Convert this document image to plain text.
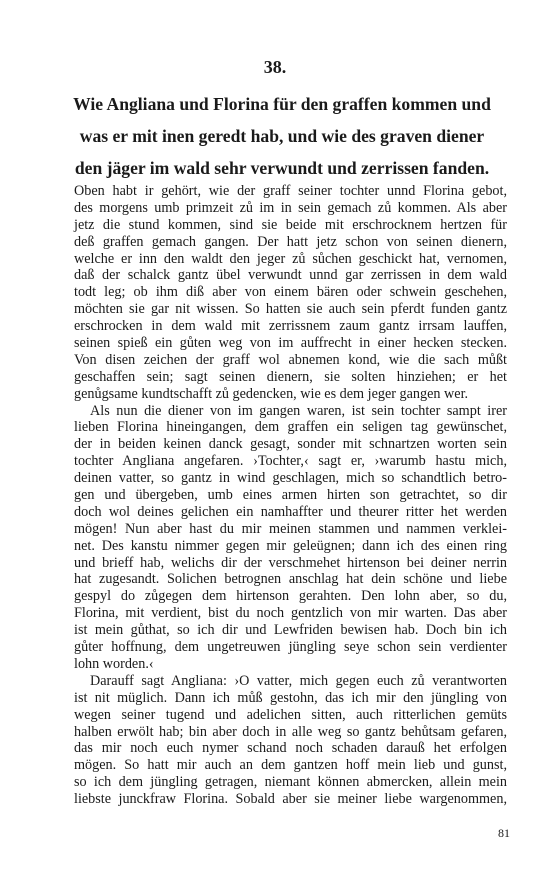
38.
Wie Angliana und Florina für den graffen kommen und
was er mit inen geredt hab, und wie des graven diener
den jäger im wald sehr verwundt und zerrissen fanden.
Oben habt ir gehört, wie der graff seiner tochter unnd Florina gebot,
des morgens umb primzeit zů im in sein gemach zů kommen. Als aber
jetz die stund kommen, sind sie beide mit erschrocknem hertzen für
deß graffen gemach gangen. Der hatt jetz schon von seinen dienern,
welche er inn den waldt den jeger zů sůchen geschickt hat, vernomen,
daß der schalck gantz übel verwundt unnd gar zerrissen in dem wald
todt leg; ob ihm diß aber von einem bären oder schwein geschehen,
möchten sie gar nit wissen. So hatten sie auch sein pferdt funden gantz
erschrocken in dem wald mit zerrissnem zaum gantz irrsam lauffen,
seinen spieß ein gůten weg von im auffrecht in einer hecken stecken.
Von disen zeichen der graff wol abnemen kond, wie die sach můßt
geschaffen sein; sagt seinen dienern, sie solten hinziehen; er het
genůgsame kundtschafft zů gedencken, wie es dem jeger gangen wer.
Als nun die diener von im gangen waren, ist sein tochter sampt irer
lieben Florina hineingangen, dem graffen ein seligen tag gewünschet,
der in beiden keinen danck gesagt, sonder mit schnartzen worten sein
tochter Angliana angefaren. ›Tochter,‹ sagt er, ›warumb hastu mich,
deinen vatter, so gantz in wind geschlagen, mich so schandtlich betro-
gen und übergeben, umb eines armen hirten son getrachtet, so dir
doch wol deines gelichen ein namhaffter und theurer ritter het werden
mögen! Nun aber hast du mir meinen stammen und nammen verklei-
net. Des kanstu nimmer gegen mir geleügnen; dann ich des einen ring
und brieff hab, welichs dir der verschmehet hirtenson bei deiner nerrin
hat zugesandt. Solichen betrognen anschlag hat dein schöne und liebe
gespyl do zůgegen dem hirtenson gerahten. Den lohn aber, so du,
Florina, mit verdient, bist du noch gentzlich von mir warten. Das aber
ist mein gůthat, so ich dir und Lewfriden bewisen hab. Doch bin ich
gůter hoffnung, dem ungetreuwen jüngling seye schon sein verdienter
lohn worden.‹
Darauff sagt Angliana: ›O vatter, mich gegen euch zů verantworten
ist nit müglich. Dann ich můß gestohn, das ich mir den jüngling von
wegen seiner tugend und adelichen sitten, auch ritterlichen gemüts
halben erwölt hab; bin aber doch in alle weg so gantz behůtsam gefaren,
das mir noch euch nymer schand noch schaden darauß het erfolgen
mögen. So hatt mir auch an dem gantzen hoff mein lieb und gunst,
so ich dem jüngling getragen, niemant können abmercken, allein mein
liebste junckfraw Florina. Sobald aber sie meiner liebe wargenommen,
81
